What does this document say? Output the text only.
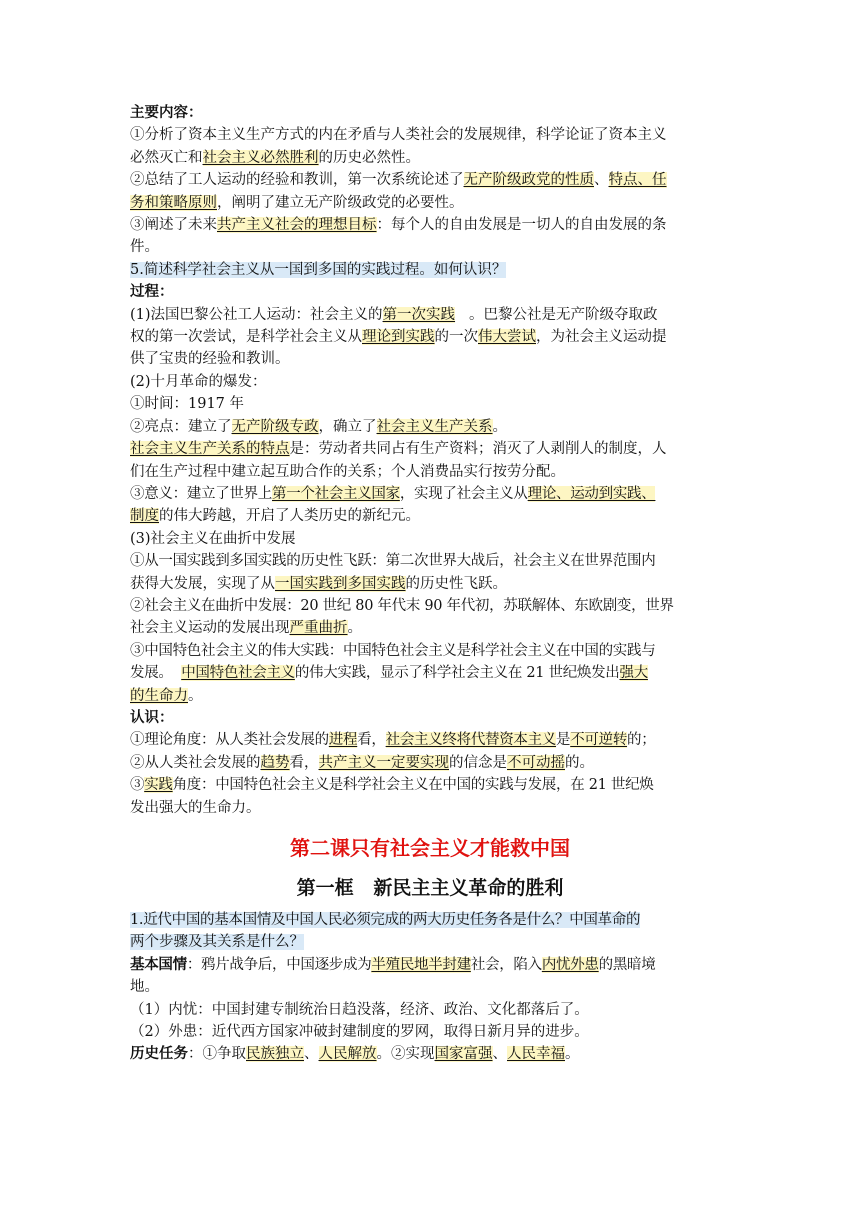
主要内容：

①分析了资本主义生产方式的内在矛盾与人类社会的发展规律，科学论证了资本主义

必然灭亡和社会主义必然胜利的历史必然性。

②总结了工人运动的经验和教训，第一次系统论述了无产阶级政党的性质、特点、任

务和策略原则，阐明了建立无产阶级政党的必要性。

③阐述了未来共产主义社会的理想目标：每个人的自由发展是一切人的自由发展的条

件。

5.简述科学社会主义从一国到多国的实践过程。如何认识？

过程：

(1)法国巴黎公社工人运动：社会主义的第一次实践 。巴黎公社是无产阶级夺取政

权的第一次尝试，是科学社会主义从理论到实践的一次伟大尝试，为社会主义运动提

供了宝贵的经验和教训。

(2)十月革命的爆发：

①时间：1917 年

②亮点：建立了无产阶级专政，确立了社会主义生产关系。

社会主义生产关系的特点是：劳动者共同占有生产资料；消灭了人剥削人的制度，人

们在生产过程中建立起互助合作的关系；个人消费品实行按劳分配。

③意义：建立了世界上第一个社会主义国家，实现了社会主义从理论、运动到实践、

制度的伟大跨越，开启了人类历史的新纪元。

(3)社会主义在曲折中发展

①从一国实践到多国实践的历史性飞跃：第二次世界大战后，社会主义在世界范围内

获得大发展，实现了从一国实践到多国实践的历史性飞跃。

②社会主义在曲折中发展：20 世纪 80 年代末 90 年代初，苏联解体、东欧剧变，世界

社会主义运动的发展出现严重曲折。

③中国特色社会主义的伟大实践：中国特色社会主义是科学社会主义在中国的实践与

发展。  中国特色社会主义的伟大实践，显示了科学社会主义在 21 世纪焕发出强大

的生命力。

认识：

①理论角度：从人类社会发展的进程看，社会主义终将代替资本主义是不可逆转的；

②从人类社会发展的趋势看，共产主义一定要实现的信念是不可动摇的。

③实践角度：中国特色社会主义是科学社会主义在中国的实践与发展，在 21 世纪焕

发出强大的生命力。

第二课只有社会主义才能救中国
第一框   新民主主义革命的胜利

1.近代中国的基本国情及中国人民必须完成的两大历史任务各是什么？中国革命的

两个步骤及其关系是什么？

基本国情：鸦片战争后，中国逐步成为半殖民地半封建社会，陷入内忧外患的黑暗境

地。

（1）内忧：中国封建专制统治日趋没落，经济、政治、文化都落后了。

（2）外患：近代西方国家冲破封建制度的罗网，取得日新月异的进步。

历史任务：①争取民族独立、人民解放。②实现国家富强、人民幸福。
